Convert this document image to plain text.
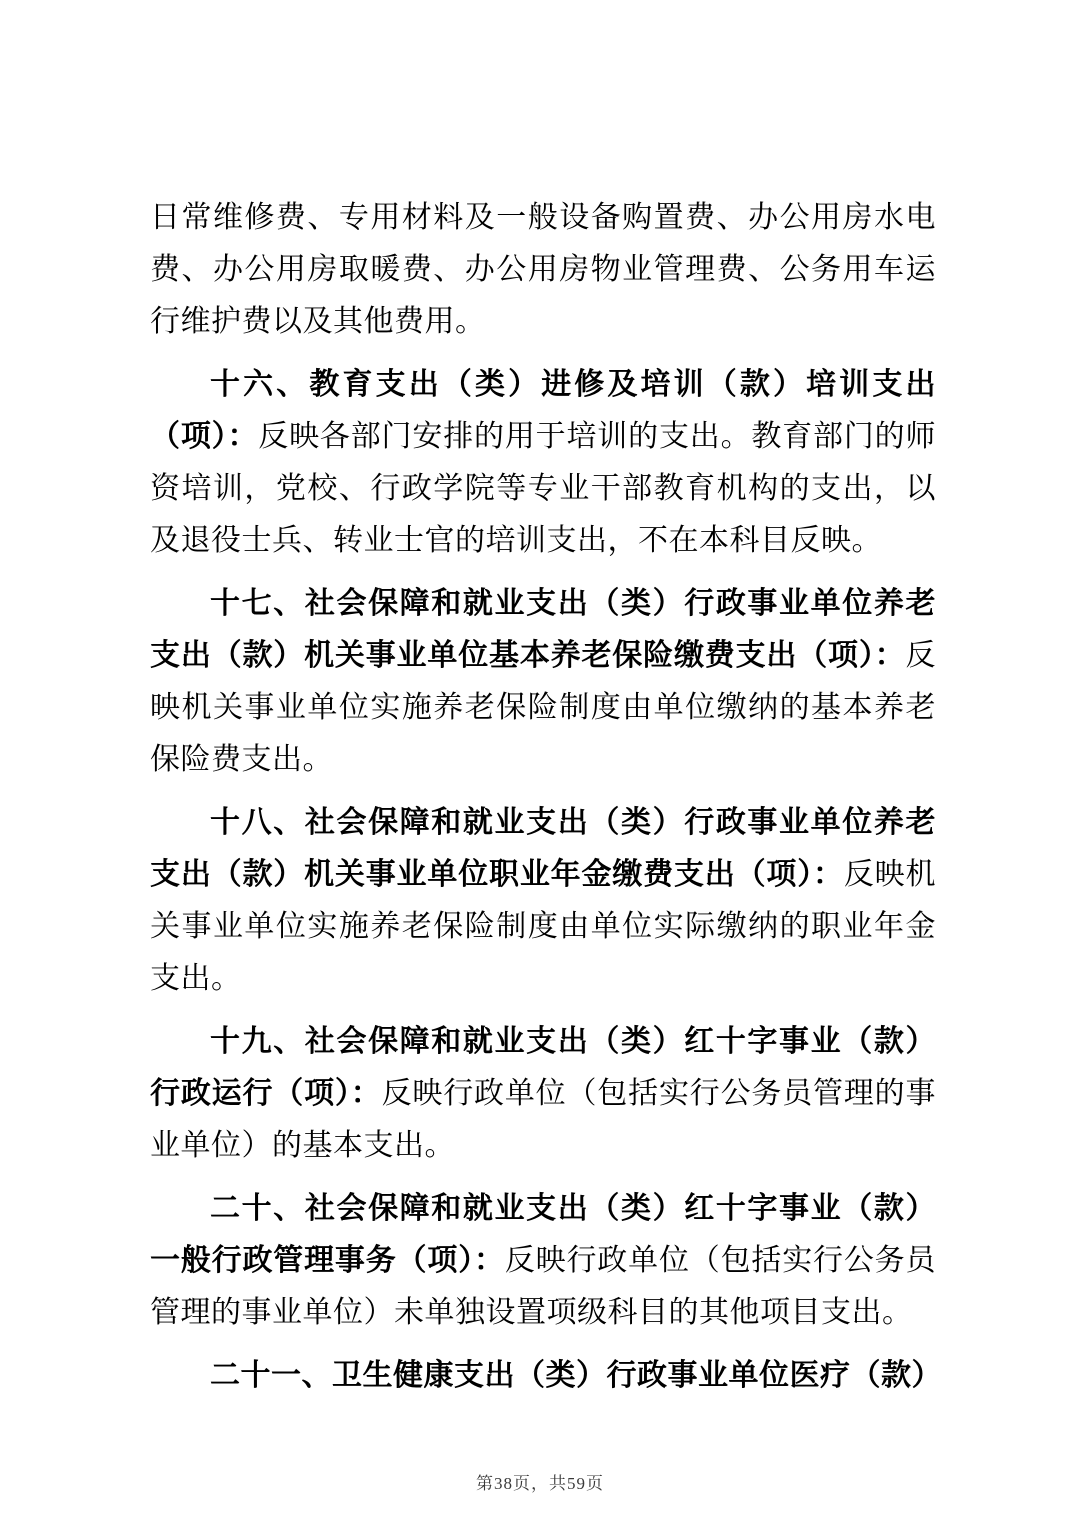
日常维修费、专用材料及一般设备购置费、办公用房水电费、办公用房取暖费、办公用房物业管理费、公务用车运行维护费以及其他费用。

十六、教育支出（类）进修及培训（款）培训支出（项）：反映各部门安排的用于培训的支出。教育部门的师资培训，党校、行政学院等专业干部教育机构的支出，以及退役士兵、转业士官的培训支出，不在本科目反映。

十七、社会保障和就业支出（类）行政事业单位养老支出（款）机关事业单位基本养老保险缴费支出（项）：反映机关事业单位实施养老保险制度由单位缴纳的基本养老保险费支出。

十八、社会保障和就业支出（类）行政事业单位养老支出（款）机关事业单位职业年金缴费支出（项）：反映机关事业单位实施养老保险制度由单位实际缴纳的职业年金支出。

十九、社会保障和就业支出（类）红十字事业（款）行政运行（项）：反映行政单位（包括实行公务员管理的事业单位）的基本支出。

二十、社会保障和就业支出（类）红十字事业（款）一般行政管理事务（项）：反映行政单位（包括实行公务员管理的事业单位）未单独设置项级科目的其他项目支出。

二十一、卫生健康支出（类）行政事业单位医疗（款）

第38页，共59页
